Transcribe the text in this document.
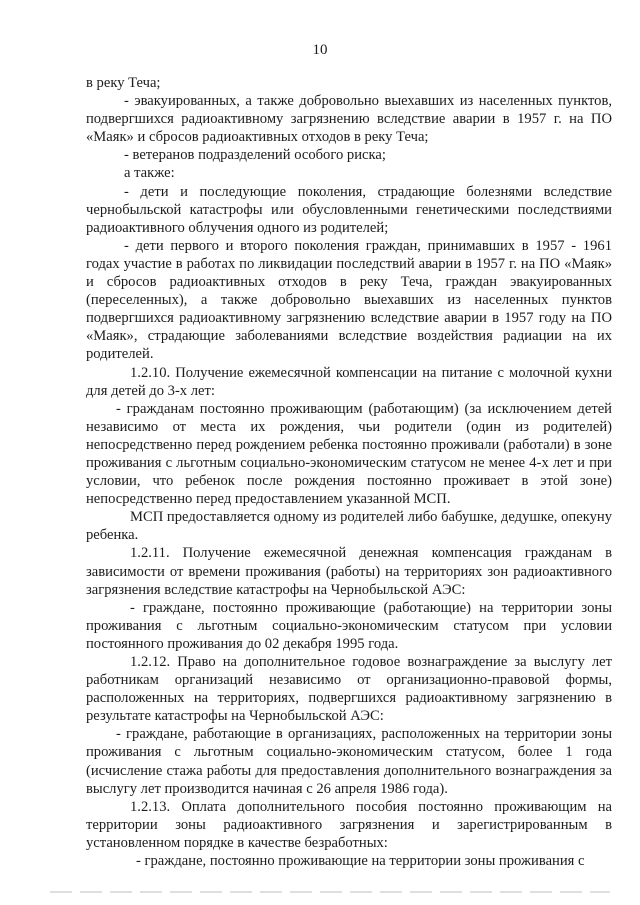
10

в реку Теча;

- эвакуированных, а также добровольно выехавших из населенных пунктов, подвергшихся радиоактивному загрязнению вследствие аварии в 1957 г. на ПО «Маяк» и сбросов радиоактивных отходов в реку Теча;

- ветеранов подразделений особого риска;

а также:

- дети и последующие поколения, страдающие болезнями вследствие чернобыльской катастрофы или обусловленными генетическими последствиями радиоактивного облучения одного из родителей;

- дети первого и второго поколения граждан, принимавших в 1957 - 1961 годах участие в работах по ликвидации последствий аварии в 1957 г. на ПО «Маяк» и сбросов радиоактивных отходов в реку Теча, граждан эвакуированных (переселенных), а также добровольно выехавших из населенных пунктов подвергшихся радиоактивному загрязнению вследствие аварии в 1957 году на ПО «Маяк», страдающие заболеваниями вследствие воздействия радиации на их родителей.

1.2.10. Получение ежемесячной компенсации на питание с молочной кухни для детей до 3-х лет:

- гражданам постоянно проживающим (работающим) (за исключением детей независимо от места их рождения, чьи родители (один из родителей) непосредственно перед рождением ребенка постоянно проживали (работали) в зоне проживания с льготным социально-экономическим статусом не менее 4-х лет и при условии, что ребенок после рождения постоянно проживает в этой зоне) непосредственно перед предоставлением указанной МСП.

МСП предоставляется одному из родителей либо бабушке, дедушке, опекуну ребенка.

1.2.11. Получение ежемесячной денежная компенсация гражданам в зависимости от времени проживания (работы) на территориях зон радиоактивного загрязнения вследствие катастрофы на Чернобыльской АЭС:

- граждане, постоянно проживающие (работающие) на территории зоны проживания с льготным социально-экономическим статусом при условии постоянного проживания до 02 декабря 1995 года.

1.2.12. Право на дополнительное годовое вознаграждение за выслугу лет работникам организаций независимо от организационно-правовой формы, расположенных на территориях, подвергшихся радиоактивному загрязнению в результате катастрофы на Чернобыльской АЭС:

- граждане, работающие в организациях, расположенных на территории зоны проживания с льготным социально-экономическим статусом, более 1 года (исчисление стажа работы для предоставления дополнительного вознаграждения за выслугу лет производится начиная с 26 апреля 1986 года).

1.2.13. Оплата дополнительного пособия постоянно проживающим на территории зоны радиоактивного загрязнения и зарегистрированным в установленном порядке в качестве безработных:

- граждане, постоянно проживающие на территории зоны проживания с
